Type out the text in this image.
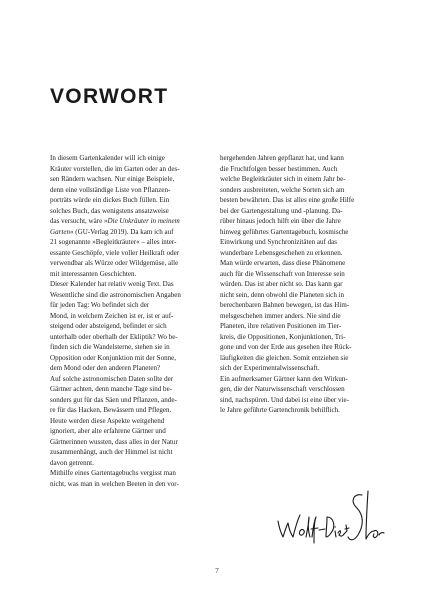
VORWORT
In diesem Gartenkalender will ich einige
Kräuter vorstellen, die im Garten oder an des-
sen Rändern wachsen. Nur einige Beispiele,
denn eine vollständige Liste von Pflanzen-
porträts würde ein dickes Buch füllen. Ein
solches Buch, das wenigstens ansatzweise
das versucht, wäre »Die Unkräuter in meinem
Garten« (GU-Verlag 2019). Da kam ich auf
21 sogenannte »Begleitkräuter« – alles inter-
essante Geschöpfe, viele voller Heilkraft oder
verwendbar als Würze oder Wildgemüse, alle
mit interessanten Geschichten.
Dieser Kalender hat relativ wenig Text. Das
Wesentliche sind die astronomischen Angaben
für jeden Tag: Wo befindet sich der
Mond, in welchem Zeichen ist er, ist er auf-
steigend oder absteigend, befindet er sich
unterhalb oder oberhalb der Ekliptik? Wo be-
finden sich die Wandelsterne, stehen sie in
Opposition oder Konjunktion mit der Sonne,
dem Mond oder den anderen Planeten?
Auf solche astronomischen Daten sollte der
Gärtner achten, denn manche Tage sind be-
sonders gut für das Säen und Pflanzen, ande-
re für das Hacken, Bewässern und Pflegen.
Heute werden diese Aspekte weitgehend
ignoriert, aber alte erfahrene Gärtner und
Gärtnerinnen wussten, dass alles in der Natur
zusammenhängt, auch der Himmel ist nicht
davon getrennt.
Mithilfe eines Gartentagebuchs vergisst man
nicht, was man in welchen Beeten in den vor-
hergehenden Jahren gepflanzt hat, und kann
die Fruchtfolgen besser bestimmen. Auch
welche Begleitkräuter sich in einem Jahr be-
sonders ausbreiteten, welche Sorten sich am
besten bewährten. Das ist alles eine große Hilfe
bei der Gartengestaltung und -planung. Da-
rüber hinaus jedoch hilft ein über die Jahre
hinweg geführtes Gartentagebuch, kosmische
Einwirkung und Synchronizitäten auf das
wunderbare Lebensgeschehen zu erkennen.
Man würde erwarten, dass diese Phänomene
auch für die Wissenschaft von Interesse sein
würden. Das ist aber nicht so. Das kann gar
nicht sein, denn obwohl die Planeten sich in
berechenbaren Bahnen bewegen, ist das Him-
melsgeschehen immer anders. Nie sind die
Planeten, ihre relativen Positionen im Tier-
kreis, die Oppositionen, Konjunktionen, Tri-
gone und von der Erde aus gesehen ihre Rück-
läufigkeiten die gleichen. Somit entziehen sie
sich der Experimentalwissenschaft.
Ein aufmerksamer Gärtner kann den Wirkun-
gen, die der Naturwissenschaft verschlossen
sind, nachspüren. Und dabei ist eine über vie-
le Jahre geführte Gartenchronik behilflich.
7
